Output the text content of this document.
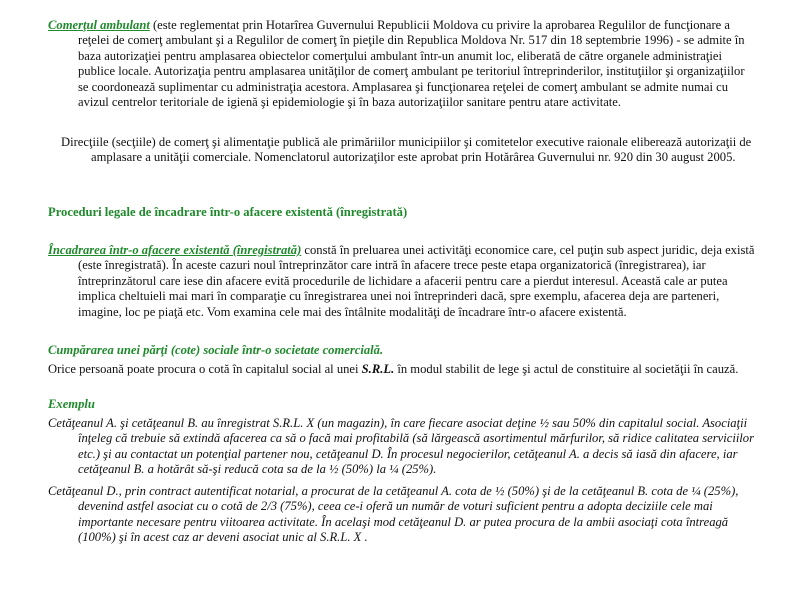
Comerţul ambulant (este reglementat prin Hotarîrea Guvernului Republicii Moldova cu privire la aprobarea Regulilor de funcţionare a reţelei de comerţ ambulant şi a Regulilor de comerţ în pieţile din Republica Moldova Nr. 517 din 18 septembrie 1996) - se admite în baza autorizaţiei pentru amplasarea obiectelor comerţului ambulant într-un anumit loc, eliberată de către organele administraţiei publice locale. Autorizaţia pentru amplasarea unităţilor de comerţ ambulant pe teritoriul întreprinderilor, instituţiilor şi organizaţiilor se coordonează suplimentar cu administraţia acestora. Amplasarea şi funcţionarea reţelei de comerţ ambulant se admite numai cu avizul centrelor teritoriale de igienă şi epidemiologie şi în baza autorizaţiilor sanitare pentru atare activitate.

Direcţiile (secţiile) de comerţ şi alimentaţie publică ale primăriilor municipiilor şi comitetelor executive raionale eliberează autorizaţii de amplasare a unităţii comerciale. Nomenclatorul autorizaţilor este aprobat prin Hotărârea Guvernului nr. 920 din 30 august 2005.

Proceduri legale de încadrare într-o afacere existentă (înregistrată)

Încadrarea într-o afacere existentă (înregistrată) constă în preluarea unei activităţi economice care, cel puţin sub aspect juridic, deja există (este înregistrată). În aceste cazuri noul întreprinzător care intră în afacere trece peste etapa organizatorică (înregistrarea), iar întreprinzătorul care iese din afacere evită procedurile de lichidare a afacerii pentru care a pierdut interesul. Această cale ar putea implica cheltuieli mai mari în comparaţie cu înregistrarea unei noi întreprinderi dacă, spre exemplu, afacerea deja are parteneri, imagine, loc pe piaţă etc. Vom examina cele mai des întâlnite modalităţi de încadrare într-o afacere existentă.

Cumpărarea unei părţi (cote) sociale într-o societate comercială.

Orice persoană poate procura o cotă în capitalul social al unei S.R.L. în modul stabilit de lege şi actul de constituire al societăţii în cauză.

Exemplu

Cetăţeanul A. şi cetăţeanul B. au înregistrat S.R.L. X (un magazin), în care fiecare asociat deţine ½ sau 50% din capitalul social. Asociaţii înţeleg că trebuie să extindă afacerea ca să o facă mai profitabilă (să lărgească asortimentul mărfurilor, să ridice calitatea serviciilor etc.) şi au contactat un potenţial partener nou, cetăţeanul D. În procesul negocierilor, cetăţeanul A. a decis să iasă din afacere, iar cetăţeanul B. a hotărât să-şi reducă cota sa de la ½ (50%) la ¼ (25%).

Cetăţeanul D., prin contract autentificat notarial, a procurat de la cetăţeanul A. cota de ½ (50%) şi de la cetăţeanul B. cota de ¼ (25%), devenind astfel asociat cu o cotă de 2/3 (75%), ceea ce-i oferă un număr de voturi suficient pentru a adopta deciziile cele mai importante necesare pentru viitoarea activitate. În acelaşi mod cetăţeanul D. ar putea procura de la ambii asociaţi cota întreagă (100%) şi în acest caz ar deveni asociat unic al S.R.L. X .
